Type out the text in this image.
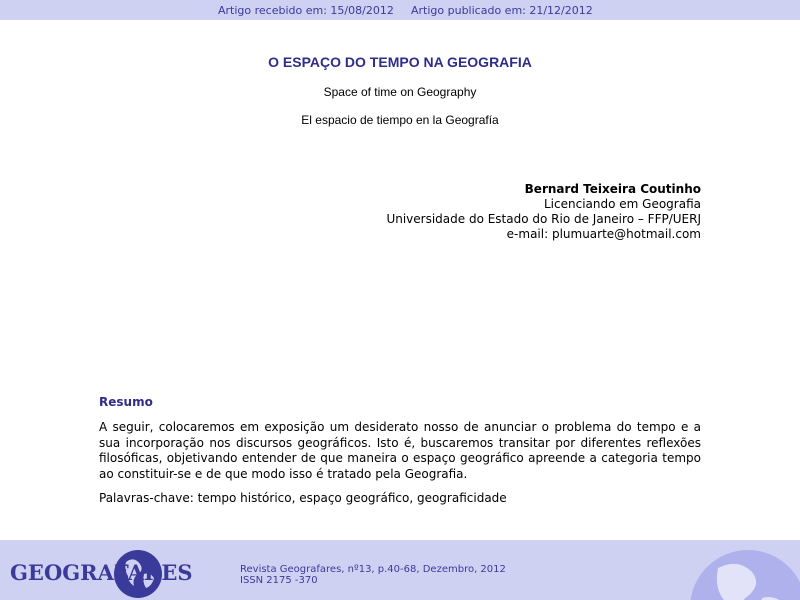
Artigo recebido em: 15/08/2012 Artigo publicado em: 21/12/2012
O ESPAÇO DO TEMPO NA GEOGRAFIA
Space of time on Geography
El espacio de tiempo en la Geografía
Bernard Teixeira Coutinho
Licenciando em Geografia
Universidade do Estado do Rio de Janeiro – FFP/UERJ
e-mail: plumuarte@hotmail.com
Resumo
A seguir, colocaremos em exposição um desiderato nosso de anunciar o problema do tempo e a sua incorporação nos discursos geográficos. Isto é, buscaremos transitar por diferentes reflexões filosóficas, objetivando entender de que maneira o espaço geográfico apreende a categoria tempo ao constituir-se e de que modo isso é tratado pela Geografia.
Palavras-chave: tempo histórico, espaço geográfico, geograficidade
GEOGRAFARES	Revista Geografares, nº13, p.40-68, Dezembro, 2012
ISSN 2175 -370
